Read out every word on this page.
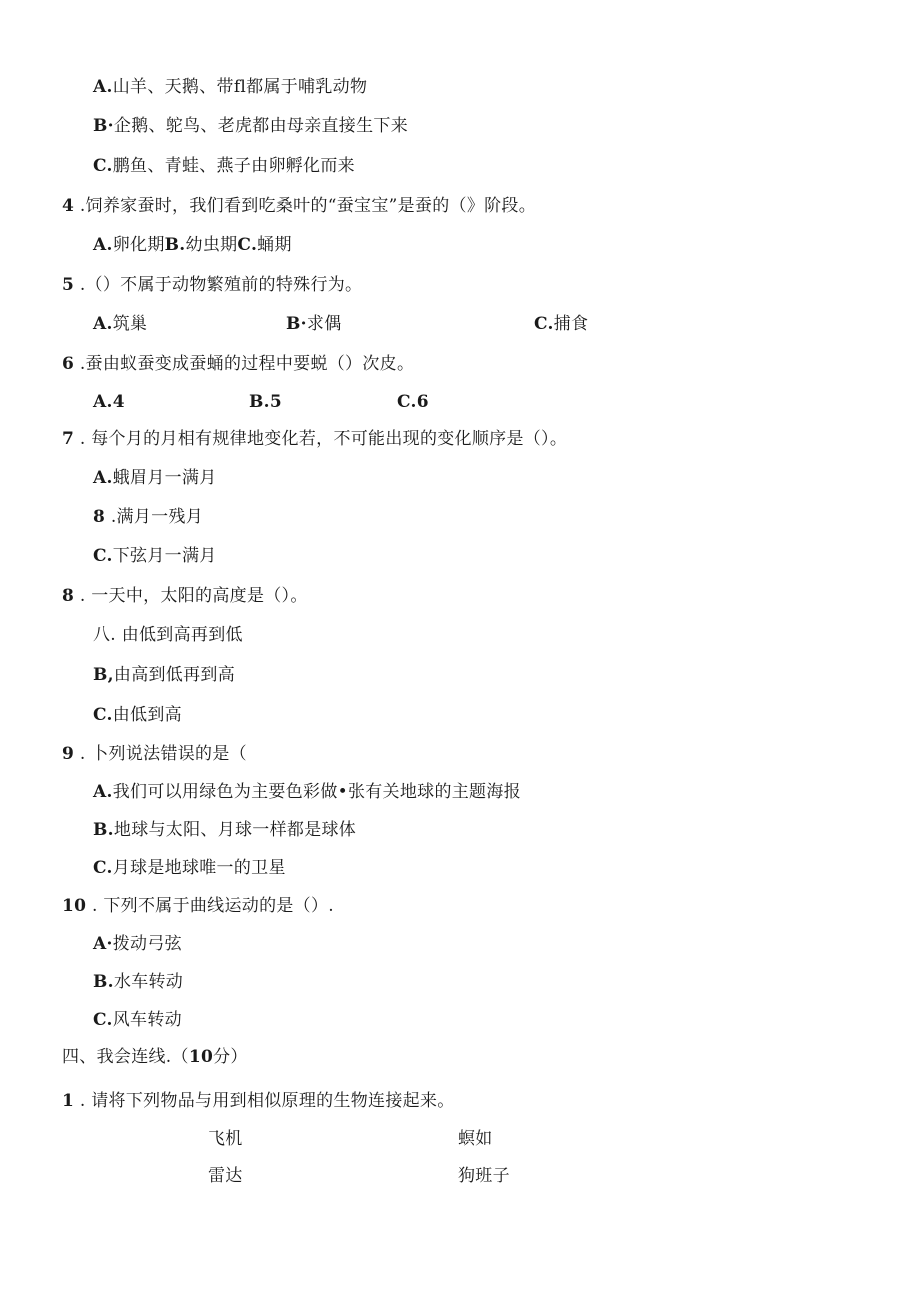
A.山羊、天鹅、带fl都属于哺乳动物
B·企鹅、鸵鸟、老虎都由母亲直接生下来
C.鹏鱼、青蛙、燕子由卵孵化而来
4 .饲养家蚕时，我们看到吃桑叶的“蚕宝宝”是蚕的（》阶段。
A.卵化期B.幼虫期C.蛹期
5 .（）不属于动物繁殖前的特殊行为。
A.筑巢	B·求偶	C.捕食
6 .蚕由蚁蚕变成蚕蛹的过程中要蜕（）次皮。
A.4	B.5	C.6
7 . 每个月的月相有规律地变化若，不可能出现的变化顺序是（）。
A.蛾眉月一满月
8 .满月一残月
C.下弦月一满月
8 . 一天中，太阳的高度是（）。
八. 由低到高再到低
B,由高到低再到高
C.由低到高
9 . 卜列说法错误的是（
A.我们可以用绿色为主要色彩做•张有关地球的主题海报
B.地球与太阳、月球一样都是球体
C.月球是地球唯一的卫星
10 . 下列不属于曲线运动的是（）.
A·拨动弓弦
B.水车转动
C.风车转动
四、我会连线.（10分）
1 . 请将下列物品与用到相似原理的生物连接起来。
飞机	螟如
雷达	狗班子
